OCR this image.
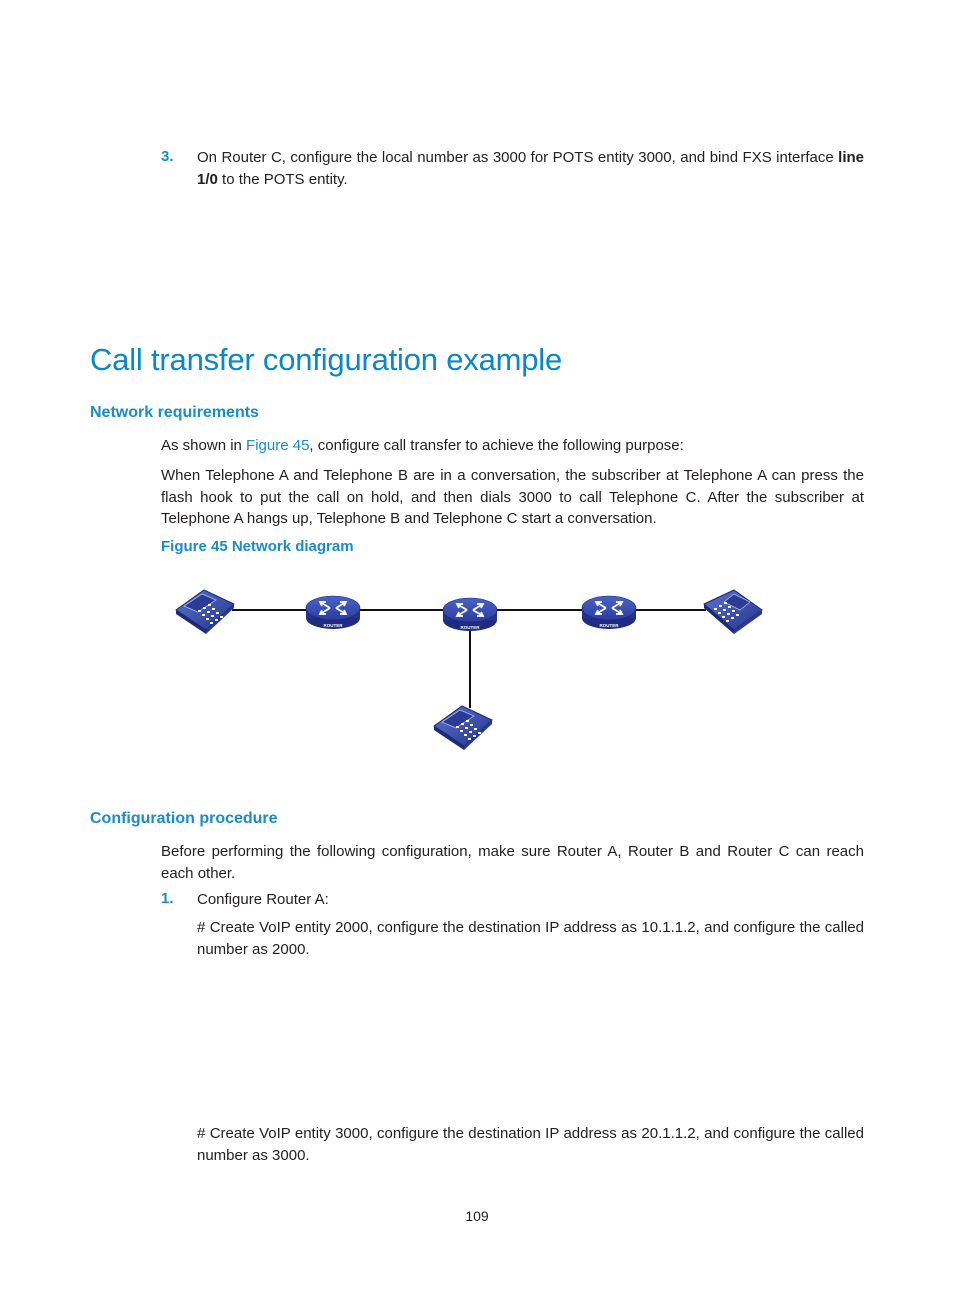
3. On Router C, configure the local number as 3000 for POTS entity 3000, and bind FXS interface line 1/0 to the POTS entity.
Call transfer configuration example
Network requirements
As shown in Figure 45, configure call transfer to achieve the following purpose:
When Telephone A and Telephone B are in a conversation, the subscriber at Telephone A can press the flash hook to put the call on hold, and then dials 3000 to call Telephone C. After the subscriber at Telephone A hangs up, Telephone B and Telephone C start a conversation.
Figure 45 Network diagram
ROUTER	ROUTER	ROUTER
Configuration procedure
Before performing the following configuration, make sure Router A, Router B and Router C can reach each other.
1. Configure Router A:
# Create VoIP entity 2000, configure the destination IP address as 10.1.1.2, and configure the called number as 2000.
# Create VoIP entity 3000, configure the destination IP address as 20.1.1.2, and configure the called number as 3000.
109
